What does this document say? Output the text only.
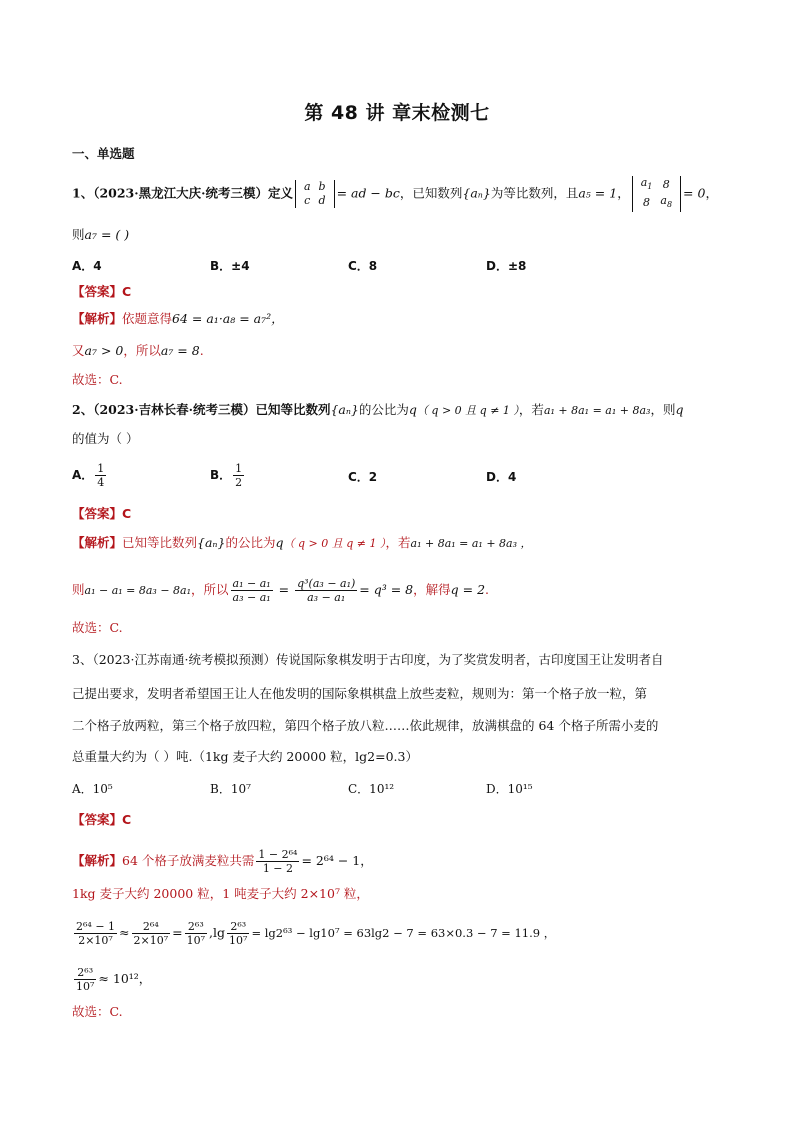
第 48 讲 章末检测七
一、单选题
1、（2023·黑龙江大庆·统考三模）定义 a	b
c	d = ad − bc，已知数列{aₙ}为等比数列，且a₅ = 1，
$a_1$	8
8	$a_8$
= 0，
则a₇ = ( )
A．4	B．±4	C．8	D．±8
【答案】C
【解析】依题意得64 = a₁·a₈ = a₇²，
又a₇ > 0，所以a₇ = 8.
故选：C.
2、（2023·吉林长春·统考三模）已知等比数列{aₙ}的公比为q（ q > 0 且 q ≠ 1 ），若a₁ + 8a₁ = a₁ + 8a₃，则q
的值为（ ）
A． $\frac{1}{4}$	B． $\frac{1}{2}$	C．2	D．4
【答案】C
【解析】已知等比数列{aₙ}的公比为q（ q > 0 且 q ≠ 1 ），若a₁ + 8a₁ = a₁ + 8a₃ ，
则a₁ − a₁ = 8a₃ − 8a₁，所以 $\frac{\text{a₁ − a₁}}{\text{a₃ − a₁}} = \frac{\text{q³(a₃ − a₁)}}{\text{a₃ − a₁}} = q^3 = 8$，解得q = 2.
故选：C.
3、（2023·江苏南通·统考模拟预测）传说国际象棋发明于古印度，为了奖赏发明者，古印度国王让发明者自
己提出要求，发明者希望国王让人在他发明的国际象棋棋盘上放些麦粒，规则为：第一个格子放一粒，第
二个格子放两粒，第三个格子放四粒，第四个格子放八粒……依此规律，放满棋盘的 64 个格子所需小麦的
总重量大约为（ ）吨.（1kg 麦子大约 20000 粒，lg2=0.3）
A．10⁵	B．10⁷	C．10¹²	D．10¹⁵
【答案】C
【解析】64 个格子放满麦粒共需 $\frac{\text{1 − 2⁶⁴}}{1 - 2} = 2^{64} - 1$，
1kg 麦子大约 20000 粒，1 吨麦子大约 2×10⁷ 粒，
$\frac{\text{2⁶⁴ − 1}}{\text{2×10⁷}} \approx \frac{\text{2⁶⁴}}{\text{2×10⁷}} = \frac{\text{2⁶³}}{\text{10⁷}} ,\lg \frac{\text{2⁶³}}{\text{10⁷}} = \lg 2^{63} - \lg 10^7 = 63\lg 2 - 7 = 63\times 0.3 - 7 = 11.9$ ，
$\frac{\text{2⁶³}}{\text{10⁷}} \approx 10^{12}$，
故选：C.
